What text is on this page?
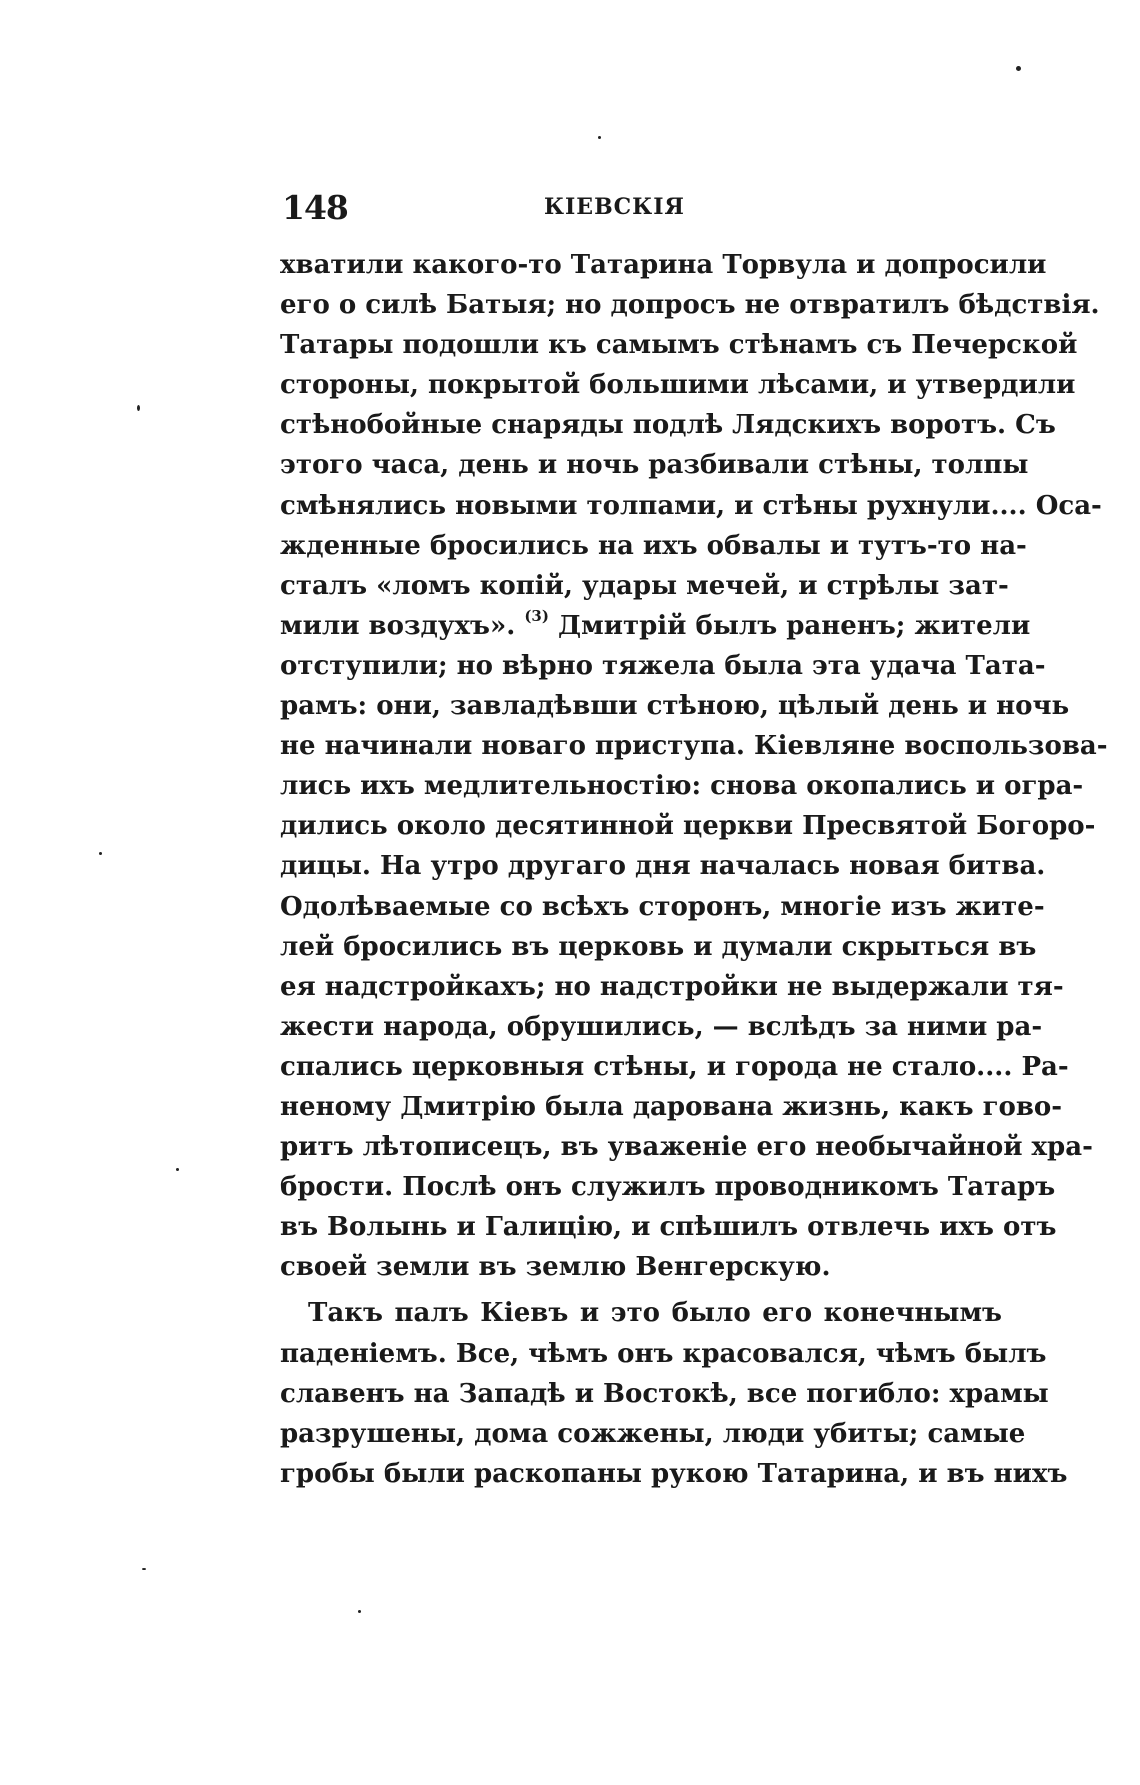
148	КІЕВСКІЯ
хватили какого-то Татарина Торвула и допросили
его о силѣ Батыя; но допросъ не отвратилъ бѣдствія.
Татары подошли къ самымъ стѣнамъ съ Печерской
стороны, покрытой большими лѣсами, и утвердили
стѣнобойные снаряды подлѣ Лядскихъ воротъ. Съ
этого часа, день и ночь разбивали стѣны, толпы
смѣнялись новыми толпами, и стѣны рухнули.... Оса-
жденные бросились на ихъ обвалы и тутъ-то на-
сталъ «ломъ копій, удары мечей, и стрѣлы зат-
мили воздухъ». $^{(3)}$ Дмитрій былъ раненъ; жители
отступили; но вѣрно тяжела была эта удача Тата-
рамъ: они, завладѣвши стѣною, цѣлый день и ночь
не начинали новаго приступа. Кіевляне воспользова-
лись ихъ медлительностію: снова окопались и огра-
дились около десятинной церкви Пресвятой Богоро-
дицы. На утро другаго дня началась новая битва.
Одолѣваемые со всѣхъ сторонъ, многіе изъ жите-
лей бросились въ церковь и думали скрыться въ
ея надстройкахъ; но надстройки не выдержали тя-
жести народа, обрушились, — вслѣдъ за ними ра-
спались церковныя стѣны, и города не стало.... Ра-
неному Дмитрію была дарована жизнь, какъ гово-
ритъ лѣтописецъ, въ уваженіе его необычайной хра-
брости. Послѣ онъ служилъ проводникомъ Татаръ
въ Волынь и Галицію, и спѣшилъ отвлечь ихъ отъ
своей земли въ землю Венгерскую.
Такъ палъ Кіевъ и это было его конечнымъ
паденіемъ. Все, чѣмъ онъ красовался, чѣмъ былъ
славенъ на Западѣ и Востокѣ, все погибло: храмы
разрушены, дома сожжены, люди убиты; самые
гробы были раскопаны рукою Татарина, и въ нихъ
